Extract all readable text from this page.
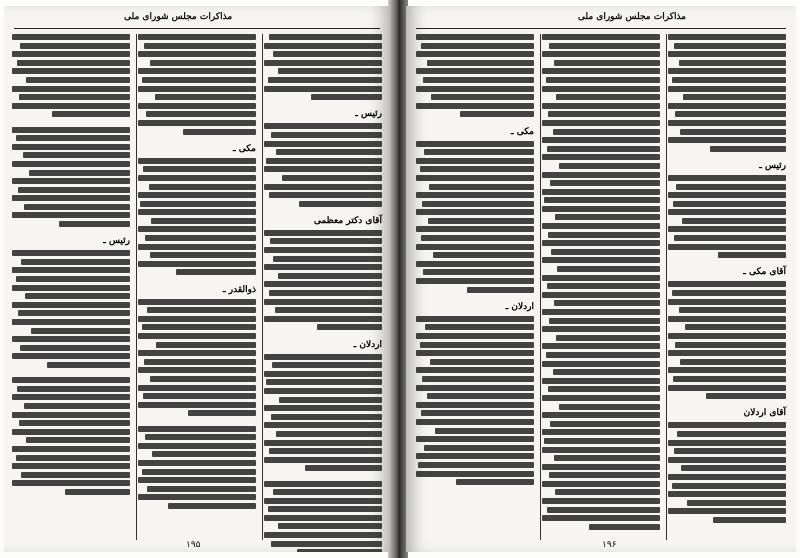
مذاکرات مجلس شورای ملی
رئیس ـ
آقای دکتر معظمی
اردلان ـ
مکی ـ
ذوالقدر ـ
رئیس ـ
۱۹۵
مذاکرات مجلس شورای ملی
رئیس ـ
آقای مکی ـ
آقای اردلان
مکی ـ
اردلان ـ
۱۹۶
